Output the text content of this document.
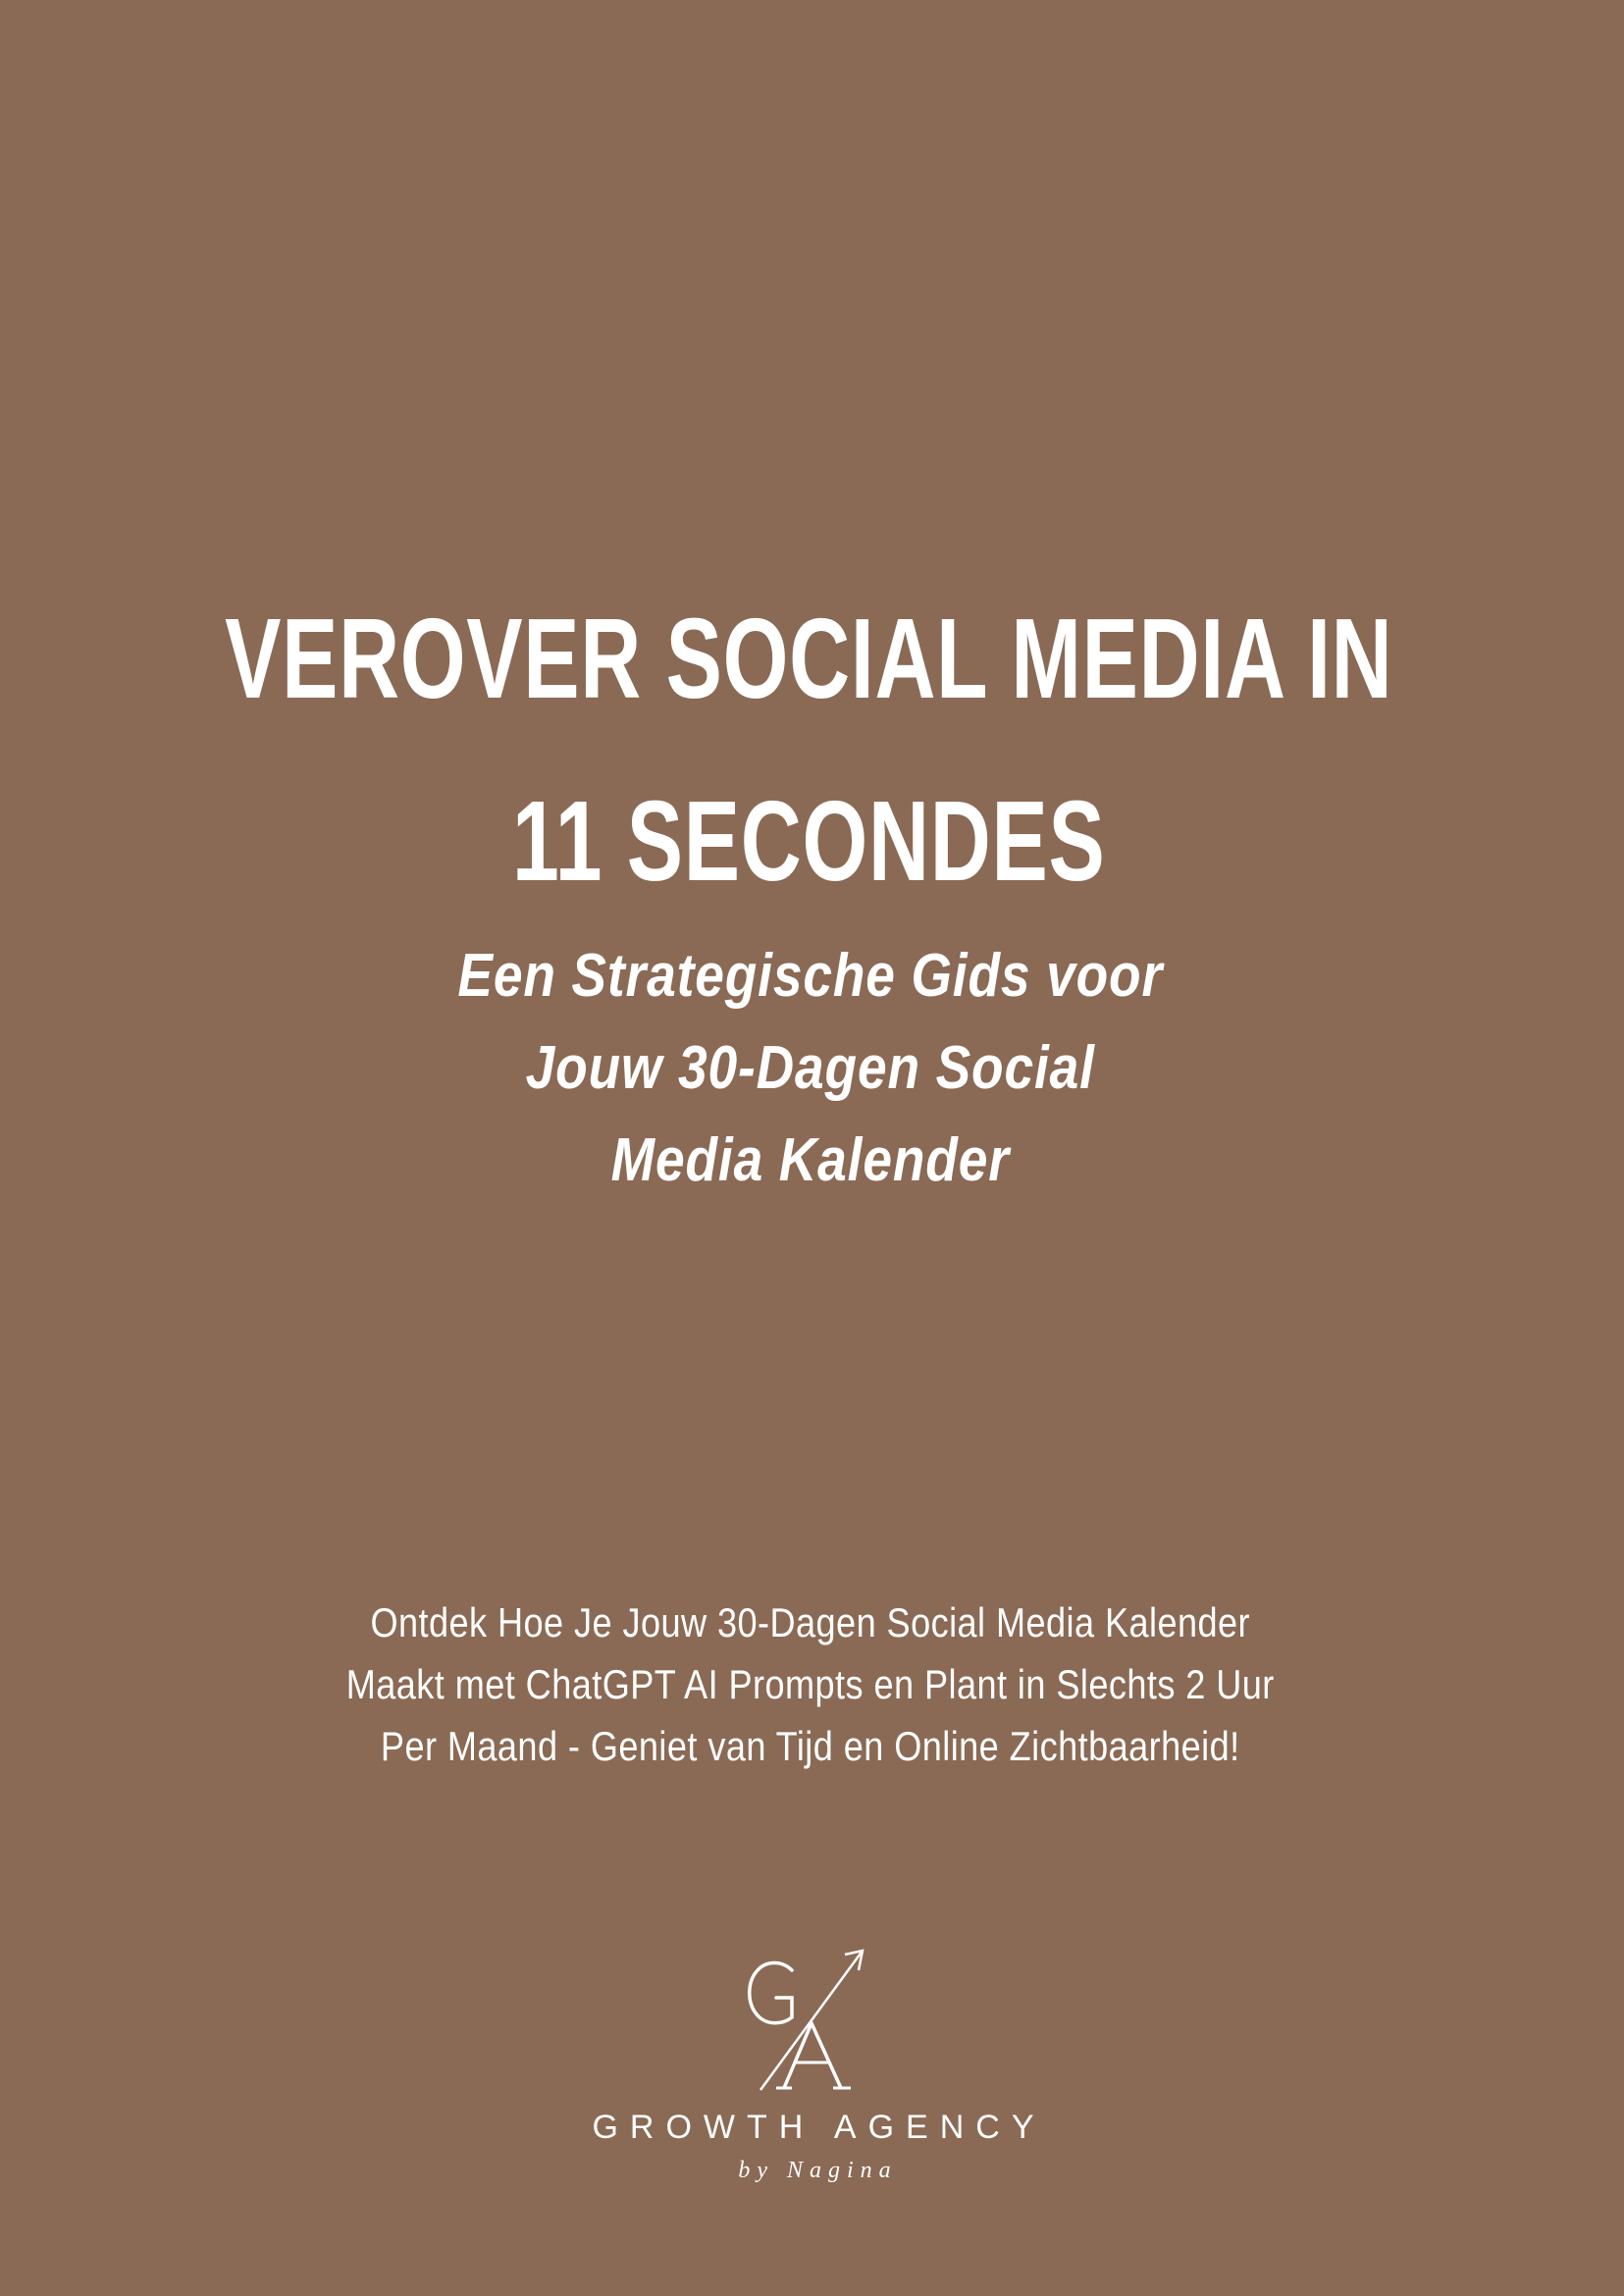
VEROVER SOCIAL MEDIA IN
11 SECONDES
Een Strategische Gids voor
Jouw 30-Dagen Social
Media Kalender
Ontdek Hoe Je Jouw 30-Dagen Social Media Kalender
Maakt met ChatGPT AI Prompts en Plant in Slechts 2 Uur
Per Maand - Geniet van Tijd en Online Zichtbaarheid!
GROWTH AGENCY
by Nagina
